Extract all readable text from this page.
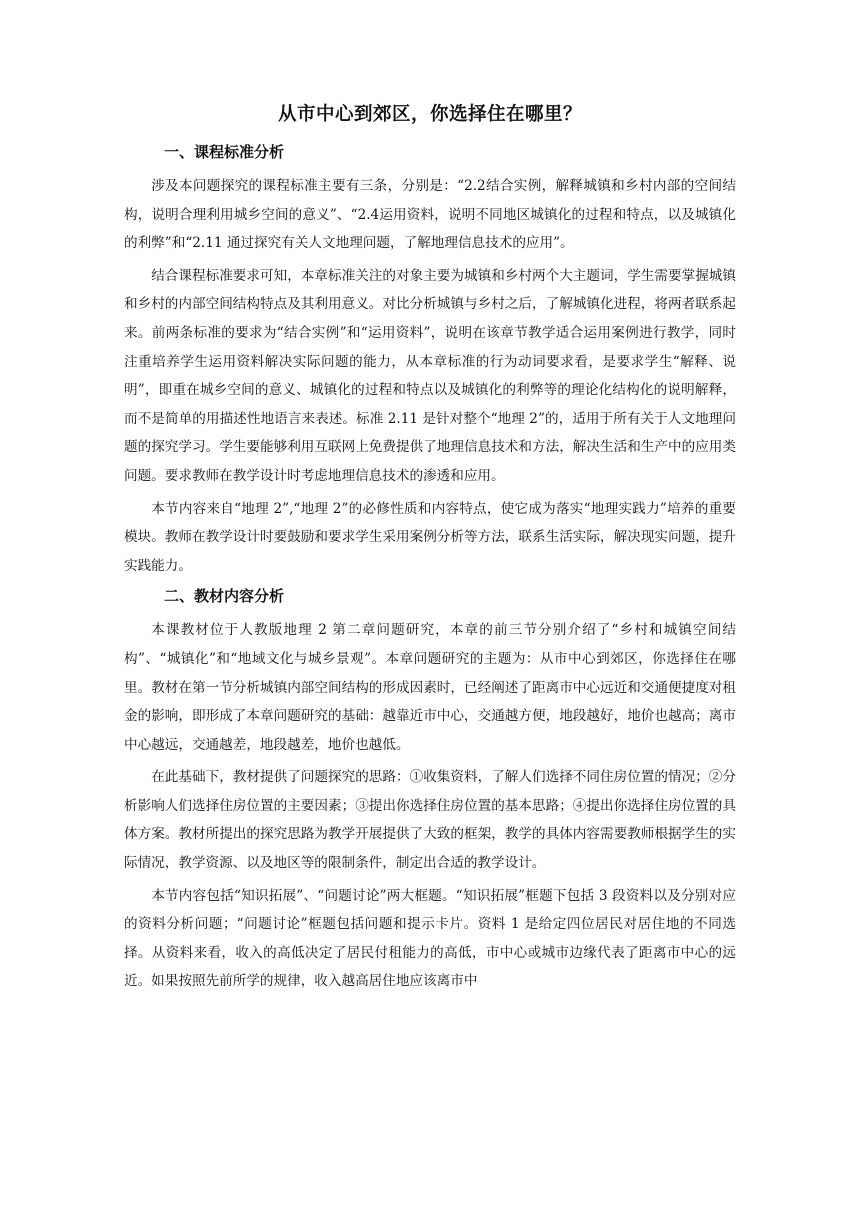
从市中心到郊区，你选择住在哪里？
一、课程标准分析

涉及本问题探究的课程标准主要有三条，分别是：“2.2结合实例，解释城镇和乡村内部的空间结构，说明合理利用城乡空间的意义”、“2.4运用资料，说明不同地区城镇化的过程和特点，以及城镇化的利弊”和“2.11 通过探究有关人文地理问题，了解地理信息技术的应用”。

结合课程标准要求可知，本章标准关注的对象主要为城镇和乡村两个大主题词，学生需要掌握城镇和乡村的内部空间结构特点及其利用意义。对比分析城镇与乡村之后，了解城镇化进程，将两者联系起来。前两条标准的要求为“结合实例”和“运用资料”，说明在该章节教学适合运用案例进行教学，同时注重培养学生运用资料解决实际问题的能力，从本章标准的行为动词要求看，是要求学生“解释、说明”，即重在城乡空间的意义、城镇化的过程和特点以及城镇化的利弊等的理论化结构化的说明解释，而不是简单的用描述性地语言来表述。标准 2.11 是针对整个“地理 2”的，适用于所有关于人文地理问题的探究学习。学生要能够利用互联网上免费提供了地理信息技术和方法，解决生活和生产中的应用类问题。要求教师在教学设计时考虑地理信息技术的渗透和应用。

本节内容来自“地理 2”,“地理 2”的必修性质和内容特点，使它成为落实“地理实践力”培养的重要模块。教师在教学设计时要鼓励和要求学生采用案例分析等方法，联系生活实际，解决现实问题，提升实践能力。

二、教材内容分析

本课教材位于人教版地理 2 第二章问题研究，本章的前三节分别介绍了“乡村和城镇空间结构”、“城镇化”和“地域文化与城乡景观”。本章问题研究的主题为：从市中心到郊区，你选择住在哪里。教材在第一节分析城镇内部空间结构的形成因素时，已经阐述了距离市中心远近和交通便捷度对租金的影响，即形成了本章问题研究的基础：越靠近市中心，交通越方便，地段越好，地价也越高；离市中心越远，交通越差，地段越差，地价也越低。

在此基础下，教材提供了问题探究的思路：①收集资料，了解人们选择不同住房位置的情况；②分析影响人们选择住房位置的主要因素；③提出你选择住房位置的基本思路；④提出你选择住房位置的具体方案。教材所提出的探究思路为教学开展提供了大致的框架，教学的具体内容需要教师根据学生的实际情况，教学资源、以及地区等的限制条件，制定出合适的教学设计。

本节内容包括“知识拓展”、“问题讨论”两大框题。“知识拓展”框题下包括 3 段资料以及分别对应的资料分析问题；“问题讨论”框题包括问题和提示卡片。资料 1 是给定四位居民对居住地的不同选择。从资料来看，收入的高低决定了居民付租能力的高低，市中心或城市边缘代表了距离市中心的远近。如果按照先前所学的规律，收入越高居住地应该离市中
